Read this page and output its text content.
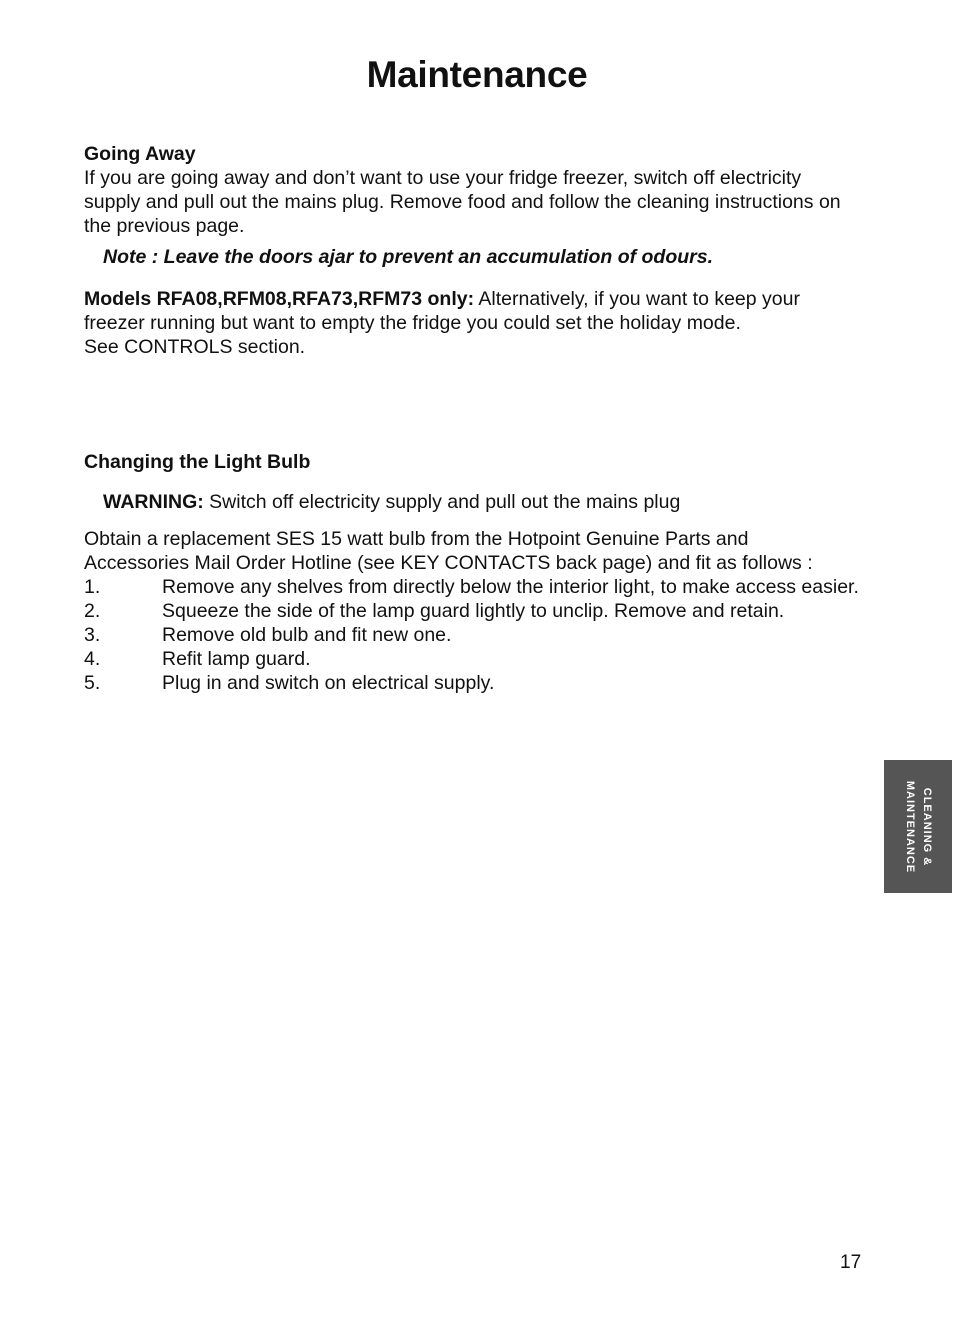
Maintenance
Going Away
If you are going away and don’t want to use your fridge freezer, switch off electricity supply and pull out the mains plug. Remove food and follow the cleaning instructions on the previous page.
Note : Leave the doors ajar to prevent an accumulation of odours.
Models RFA08,RFM08,RFA73,RFM73 only: Alternatively, if you want to keep your freezer running but want to empty the fridge you could set the holiday mode.
See CONTROLS section.
Changing the Light Bulb
WARNING: Switch off electricity supply and pull out the mains plug
Obtain a replacement SES 15 watt bulb from the Hotpoint Genuine Parts and Accessories Mail Order Hotline (see KEY CONTACTS back page) and fit as follows :
1.	Remove any shelves from directly below the interior light, to make access easier.
2.	Squeeze the side of the lamp guard lightly to unclip. Remove and retain.
3.	Remove old bulb and fit new one.
4.	Refit lamp guard.
5.	Plug in and switch on electrical supply.
CLEANING &
MAINTENANCE
17
